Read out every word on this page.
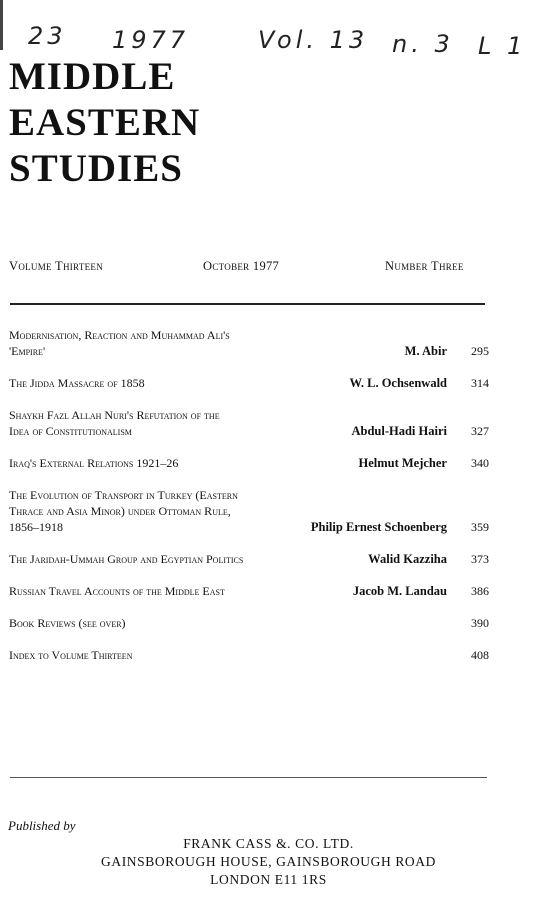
23 1977	Vol. 13 n. 3 L 1
MIDDLE
EASTERN
STUDIES
Volume Thirteen	October 1977	Number Three
Modernisation, Reaction and Muhammad Ali's
'Empire'	M. Abir	295
The Jidda Massacre of 1858	W. L. Ochsenwald	314
Shaykh Fazl Allah Nuri's Refutation of the
Idea of Constitutionalism	Abdul-Hadi Hairi	327
Iraq's External Relations 1921–26	Helmut Mejcher	340
The Evolution of Transport in Turkey (Eastern
Thrace and Asia Minor) under Ottoman Rule,
1856–1918	Philip Ernest Schoenberg	359
The Jaridah-Ummah Group and Egyptian Politics	Walid Kazziha	373
Russian Travel Accounts of the Middle East	Jacob M. Landau	386
Book Reviews (see over)	390
Index to Volume Thirteen	408
Published by
FRANK CASS &. CO. LTD.
GAINSBOROUGH HOUSE, GAINSBOROUGH ROAD
LONDON E11 1RS
